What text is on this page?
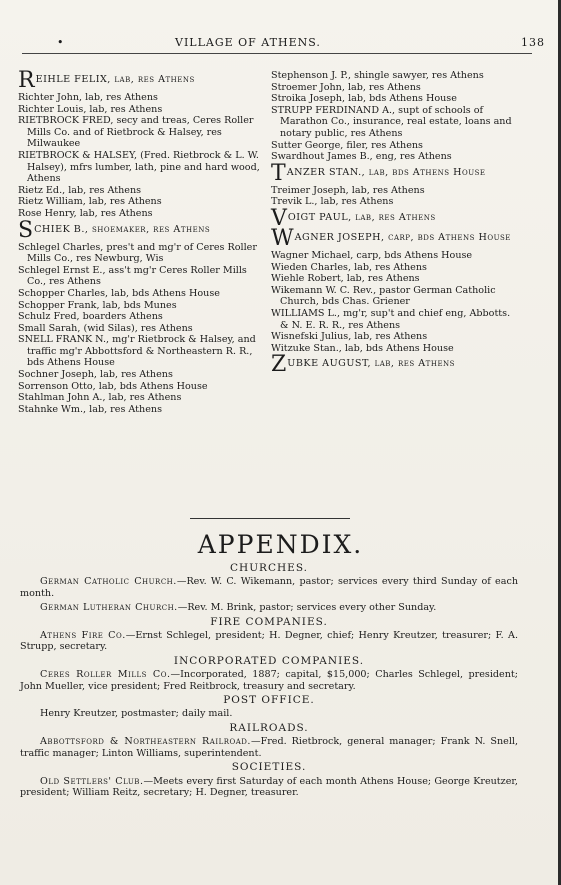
•	VILLAGE OF ATHENS.	138

REIHLE FELIX, lab, res Athens

Richter John, lab, res Athens

Richter Louis, lab, res Athens

RIETBROCK FRED, secy and treas, Ceres Roller Mills Co. and of Rietbrock & Halsey, res Milwaukee

RIETBROCK & HALSEY, (Fred. Rietbrock & L. W. Halsey), mfrs lumber, lath, pine and hard wood, Athens

Rietz Ed., lab, res Athens

Rietz William, lab, res Athens

Rose Henry, lab, res Athens

SCHIEK B., shoemaker, res Athens

Schlegel Charles, pres't and mg'r of Ceres Roller Mills Co., res Newburg, Wis

Schlegel Ernst E., ass't mg'r Ceres Roller Mills Co., res Athens

Schopper Charles, lab, bds Athens House

Schopper Frank, lab, bds Munes

Schulz Fred, boarders Athens

Small Sarah, (wid Silas), res Athens

SNELL FRANK N., mg'r Rietbrock & Halsey, and traffic mg'r Abbottsford & Northeastern R. R., bds Athens House

Sochner Joseph, lab, res Athens

Sorrenson Otto, lab, bds Athens House

Stahlman John A., lab, res Athens

Stahnke Wm., lab, res Athens

Stephenson J. P., shingle sawyer, res Athens

Stroemer John, lab, res Athens

Stroika Joseph, lab, bds Athens House

STRUPP FERDINAND A., supt of schools of Marathon Co., insurance, real estate, loans and notary public, res Athens

Sutter George, filer, res Athens

Swardhout James B., eng, res Athens

TANZER STAN., lab, bds Athens House

Treimer Joseph, lab, res Athens

Trevik L., lab, res Athens

VOIGT PAUL, lab, res Athens

WAGNER JOSEPH, carp, bds Athens House

Wagner Michael, carp, bds Athens House

Wieden Charles, lab, res Athens

Wiehle Robert, lab, res Athens

Wikemann W. C. Rev., pastor German Catholic Church, bds Chas. Griener

WILLIAMS L., mg'r, sup't and chief eng, Abbotts. & N. E. R. R., res Athens

Wisnefski Julius, lab, res Athens

Witzuke Stan., lab, bds Athens House

ZUBKE AUGUST, lab, res Athens

APPENDIX.
CHURCHES.

German Catholic Church.—Rev. W. C. Wikemann, pastor; services every third Sunday of each month.

German Lutheran Church.—Rev. M. Brink, pastor; services every other Sunday.

FIRE COMPANIES.

Athens Fire Co.—Ernst Schlegel, president; H. Degner, chief; Henry Kreutzer, treasurer; F. A. Strupp, secretary.

INCORPORATED COMPANIES.

Ceres Roller Mills Co.—Incorporated, 1887; capital, $15,000; Charles Schlegel, president; John Mueller, vice president; Fred Reitbrock, treasury and secretary.

POST OFFICE.

Henry Kreutzer, postmaster; daily mail.

RAILROADS.

Abbottsford & Northeastern Railroad.—Fred. Rietbrock, general manager; Frank N. Snell, traffic manager; Linton Williams, superintendent.

SOCIETIES.

Old Settlers' Club.—Meets every first Saturday of each month Athens House; George Kreutzer, president; William Reitz, secretary; H. Degner, treasurer.
